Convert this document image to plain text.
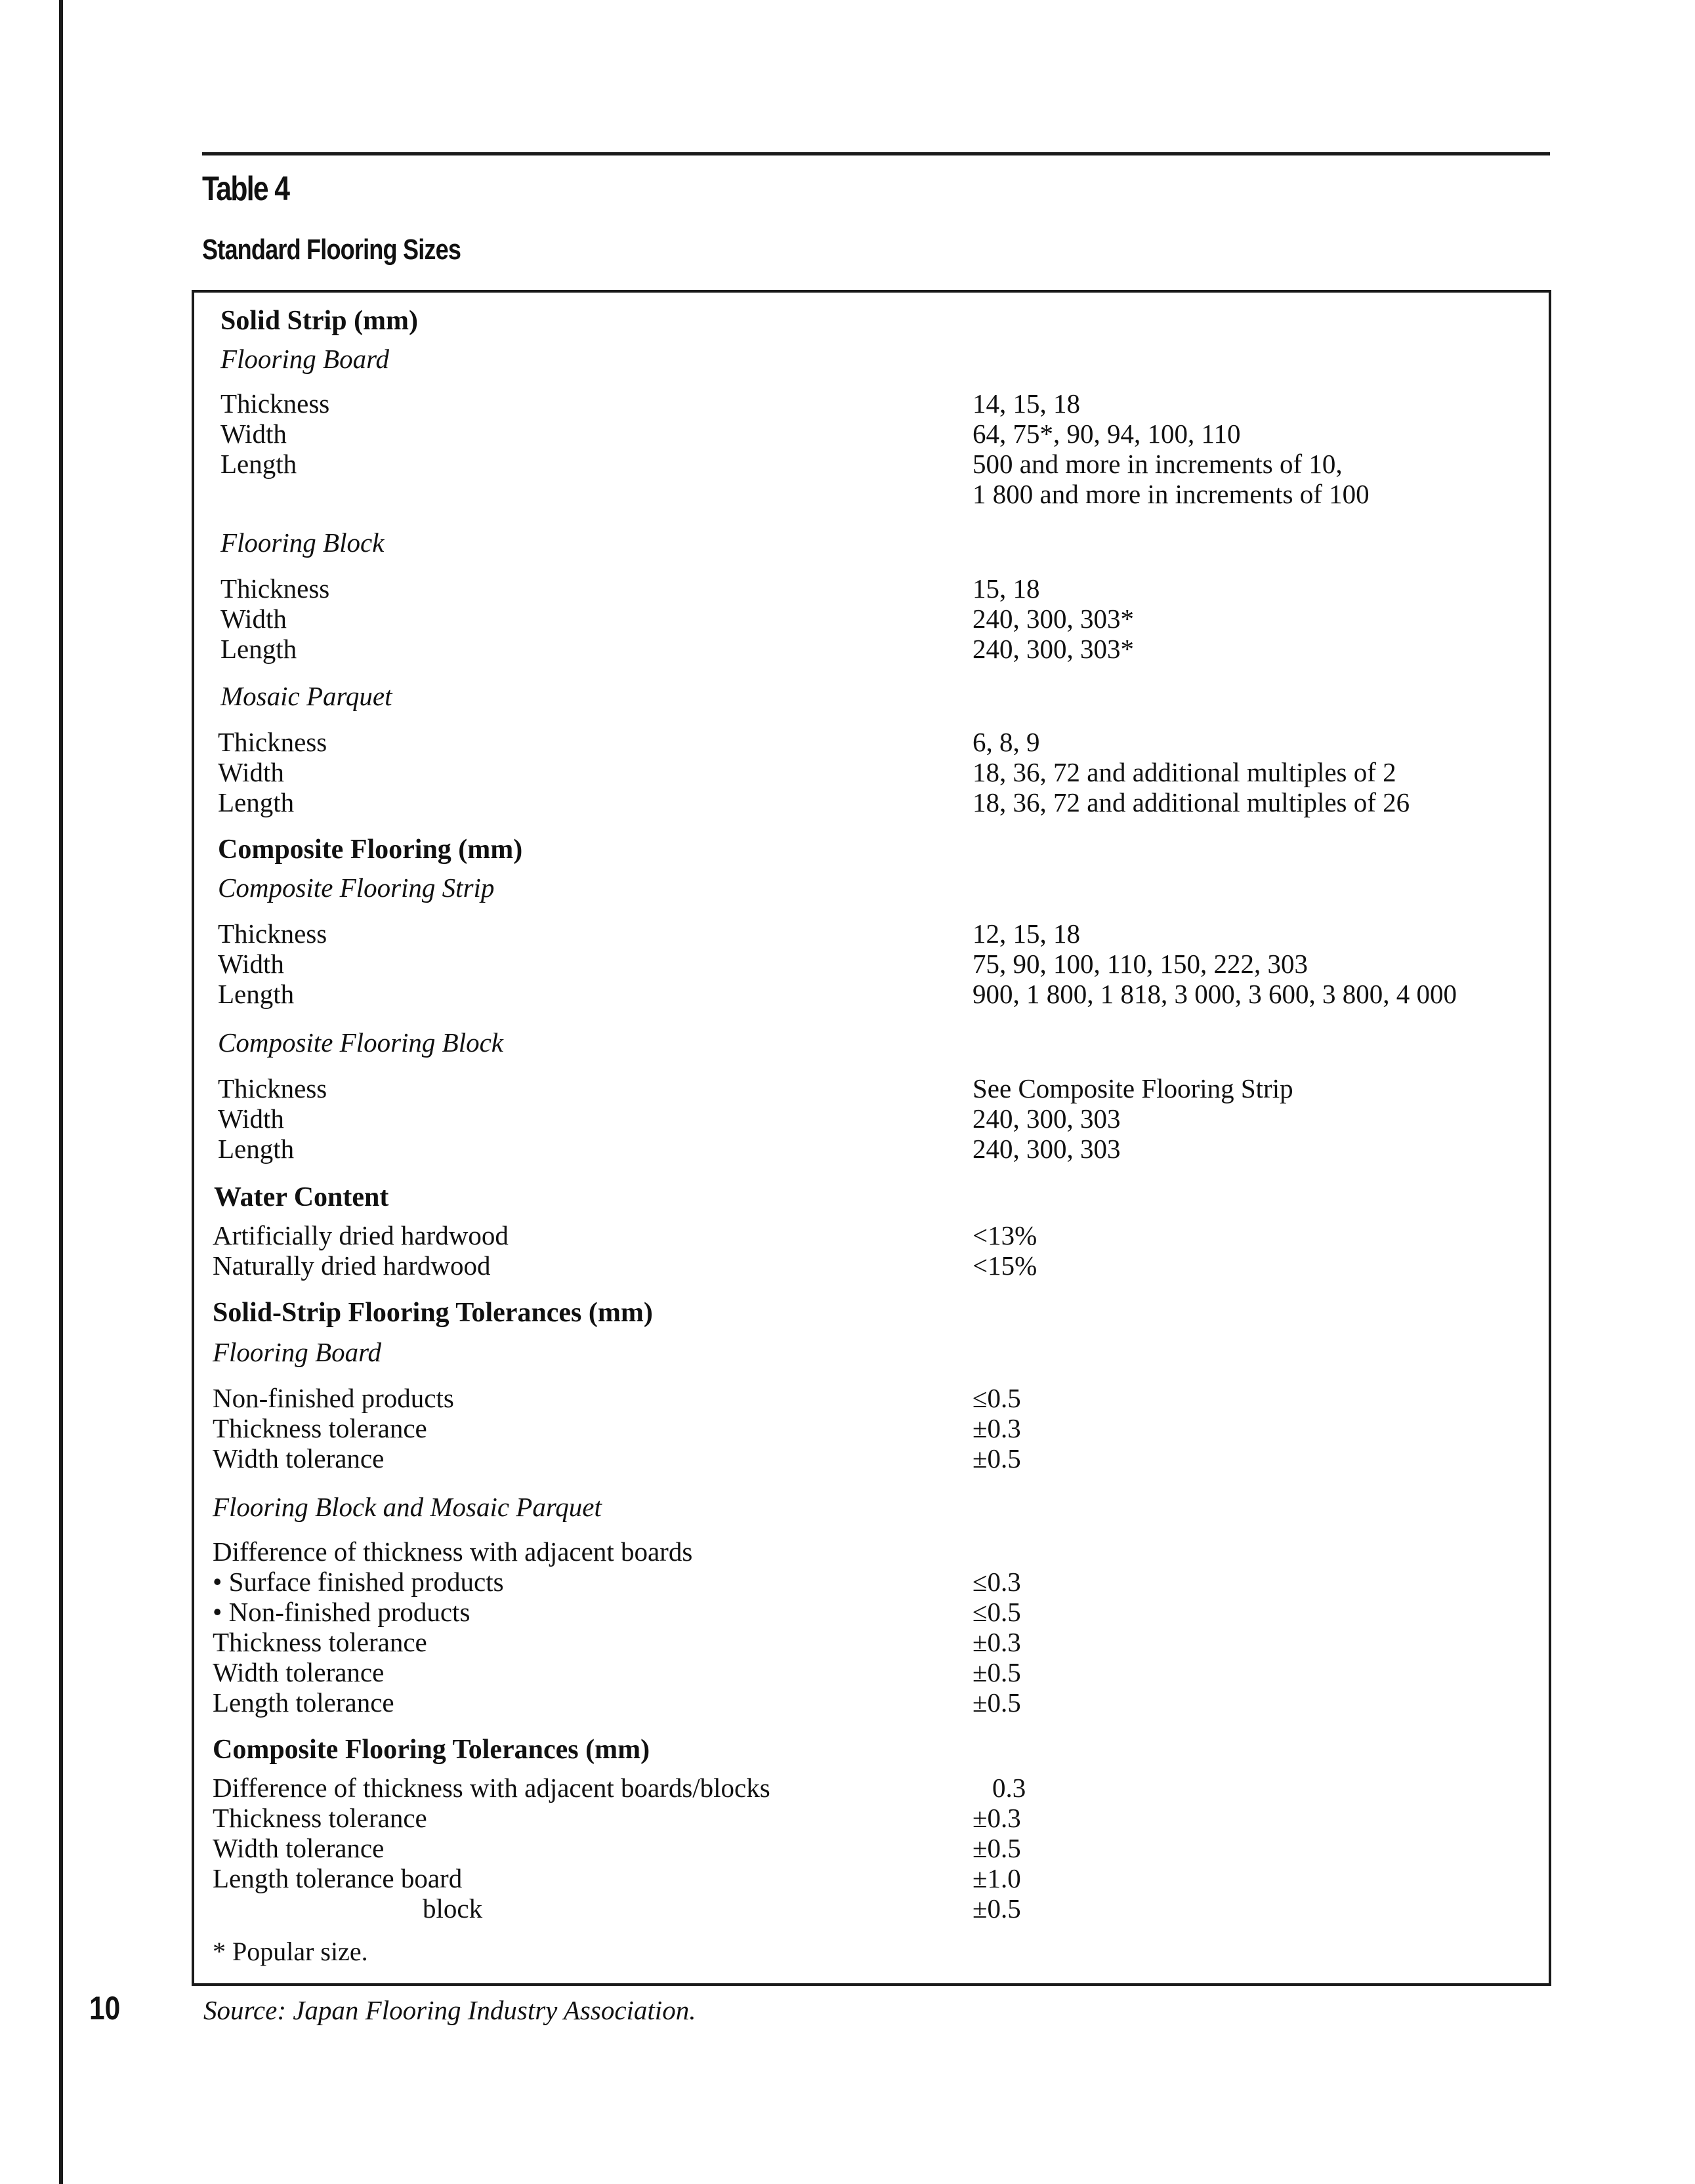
Table 4
Standard Flooring Sizes
Solid Strip (mm)
Flooring Board
Thickness	14, 15, 18
Width	64, 75*, 90, 94, 100, 110
Length	500 and more in increments of 10,
1 800 and more in increments of 100
Flooring Block
Thickness	15, 18
Width	240, 300, 303*
Length	240, 300, 303*
Mosaic Parquet
Thickness	6, 8, 9
Width	18, 36, 72 and additional multiples of 2
Length	18, 36, 72 and additional multiples of 26
Composite Flooring (mm)
Composite Flooring Strip
Thickness	12, 15, 18
Width	75, 90, 100, 110, 150, 222, 303
Length	900, 1 800, 1 818, 3 000, 3 600, 3 800, 4 000
Composite Flooring Block
Thickness	See Composite Flooring Strip
Width	240, 300, 303
Length	240, 300, 303
Water Content
Artificially dried hardwood	<13%
Naturally dried hardwood	<15%
Solid-Strip Flooring Tolerances (mm)
Flooring Board
Non-finished products	≤0.5
Thickness tolerance	±0.3
Width tolerance	±0.5
Flooring Block and Mosaic Parquet
Difference of thickness with adjacent boards
• Surface finished products	≤0.3
• Non-finished products	≤0.5
Thickness tolerance	±0.3
Width tolerance	±0.5
Length tolerance	±0.5
Composite Flooring Tolerances (mm)
Difference of thickness with adjacent boards/blocks	0.3
Thickness tolerance	±0.3
Width tolerance	±0.5
Length tolerance board	±1.0
block	±0.5
* Popular size.
10	Source: Japan Flooring Industry Association.
